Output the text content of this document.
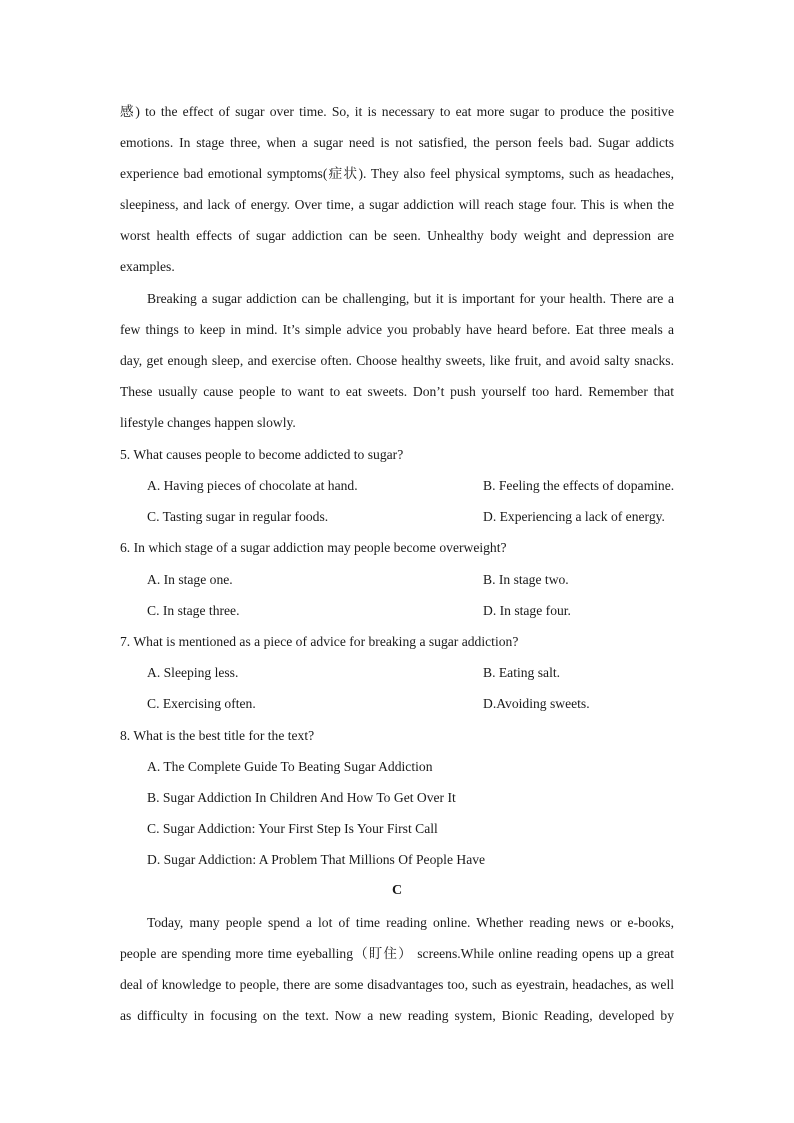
感) to the effect of sugar over time. So, it is necessary to eat more sugar to produce the positive
emotions. In stage three, when a sugar need is not satisfied, the person feels bad. Sugar addicts
experience bad emotional symptoms(症状). They also feel physical symptoms, such as headaches,
sleepiness, and lack of energy. Over time, a sugar addiction will reach stage four. This is when the
worst health effects of sugar addiction can be seen. Unhealthy body weight and depression are
examples.
Breaking a sugar addiction can be challenging, but it is important for your health. There are a
few things to keep in mind. It’s simple advice you probably have heard before. Eat three meals a
day, get enough sleep, and exercise often. Choose healthy sweets, like fruit, and avoid salty snacks.
These usually cause people to want to eat sweets. Don’t push yourself too hard. Remember that
lifestyle changes happen slowly.
5. What causes people to become addicted to sugar?
A. Having pieces of chocolate at hand.	B. Feeling the effects of dopamine.
C. Tasting sugar in regular foods.	D. Experiencing a lack of energy.
6. In which stage of a sugar addiction may people become overweight?
A. In stage one.	B. In stage two.
C. In stage three.	D. In stage four.
7. What is mentioned as a piece of advice for breaking a sugar addiction?
A. Sleeping less.	B. Eating salt.
C. Exercising often.	D.Avoiding sweets.
8. What is the best title for the text?
A. The Complete Guide To Beating Sugar Addiction
B. Sugar Addiction In Children And How To Get Over It
C. Sugar Addiction: Your First Step Is Your First Call
D. Sugar Addiction: A Problem That Millions Of People Have
C
Today, many people spend a lot of time reading online. Whether reading news or e-books,
people are spending more time eyeballing（盯住） screens.While online reading opens up a great
deal of knowledge to people, there are some disadvantages too, such as eyestrain, headaches, as well
as difficulty in focusing on the text. Now a new reading system, Bionic Reading, developed by
